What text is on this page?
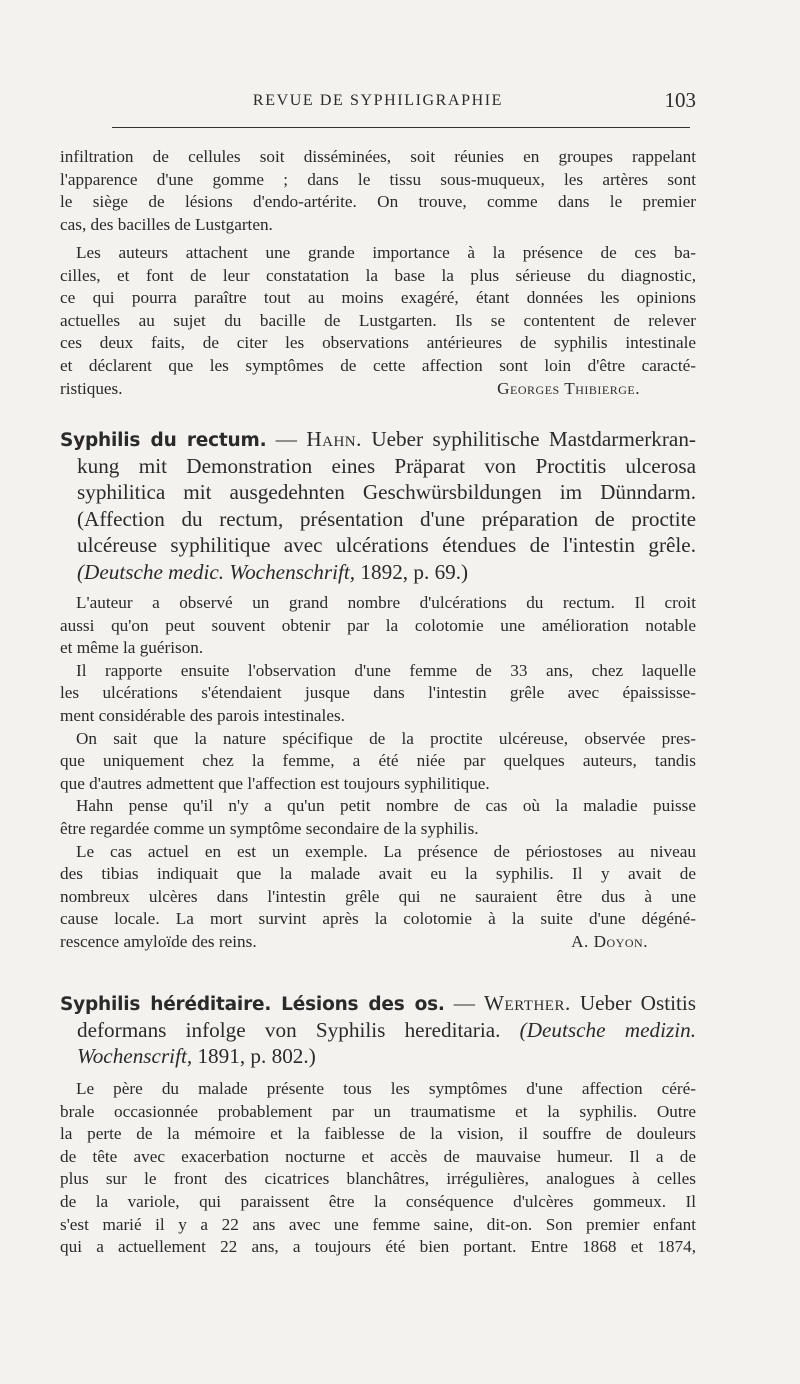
REVUE DE SYPHILIGRAPHIE	103
infiltration de cellules soit disséminées, soit réunies en groupes rappelant
l'apparence d'une gomme ; dans le tissu sous-muqueux, les artères sont
le siège de lésions d'endo-artérite. On trouve, comme dans le premier
cas, des bacilles de Lustgarten.
Les auteurs attachent une grande importance à la présence de ces ba-
cilles, et font de leur constatation la base la plus sérieuse du diagnostic,
ce qui pourra paraître tout au moins exagéré, étant données les opinions
actuelles au sujet du bacille de Lustgarten. Ils se contentent de relever
ces deux faits, de citer les observations antérieures de syphilis intestinale
et déclarent que les symptômes de cette affection sont loin d'être caracté-
ristiques.	Georges Thibierge.
Syphilis du rectum. — Hahn. Ueber syphilitische Mastdarmerkran-
kung mit Demonstration eines Präparat von Proctitis ulcerosa
syphilitica mit ausgedehnten Geschwürsbildungen im Dünndarm.
(Affection du rectum, présentation d'une préparation de proctite
ulcéreuse syphilitique avec ulcérations étendues de l'intestin grêle.
(Deutsche medic. Wochenschrift, 1892, p. 69.)
L'auteur a observé un grand nombre d'ulcérations du rectum. Il croit
aussi qu'on peut souvent obtenir par la colotomie une amélioration notable
et même la guérison.
Il rapporte ensuite l'observation d'une femme de 33 ans, chez laquelle
les ulcérations s'étendaient jusque dans l'intestin grêle avec épaississe-
ment considérable des parois intestinales.
On sait que la nature spécifique de la proctite ulcéreuse, observée pres-
que uniquement chez la femme, a été niée par quelques auteurs, tandis
que d'autres admettent que l'affection est toujours syphilitique.
Hahn pense qu'il n'y a qu'un petit nombre de cas où la maladie puisse
être regardée comme un symptôme secondaire de la syphilis.
Le cas actuel en est un exemple. La présence de périostoses au niveau
des tibias indiquait que la malade avait eu la syphilis. Il y avait de
nombreux ulcères dans l'intestin grêle qui ne sauraient être dus à une
cause locale. La mort survint après la colotomie à la suite d'une dégéné-
rescence amyloïde des reins.	A. Doyon.
Syphilis héréditaire. Lésions des os. — Werther. Ueber Ostitis
deformans infolge von Syphilis hereditaria. (Deutsche medizin.
Wochenscrift, 1891, p. 802.)
Le père du malade présente tous les symptômes d'une affection céré-
brale occasionnée probablement par un traumatisme et la syphilis. Outre
la perte de la mémoire et la faiblesse de la vision, il souffre de douleurs
de tête avec exacerbation nocturne et accès de mauvaise humeur. Il a de
plus sur le front des cicatrices blanchâtres, irrégulières, analogues à celles
de la variole, qui paraissent être la conséquence d'ulcères gommeux. Il
s'est marié il y a 22 ans avec une femme saine, dit-on. Son premier enfant
qui a actuellement 22 ans, a toujours été bien portant. Entre 1868 et 1874,
